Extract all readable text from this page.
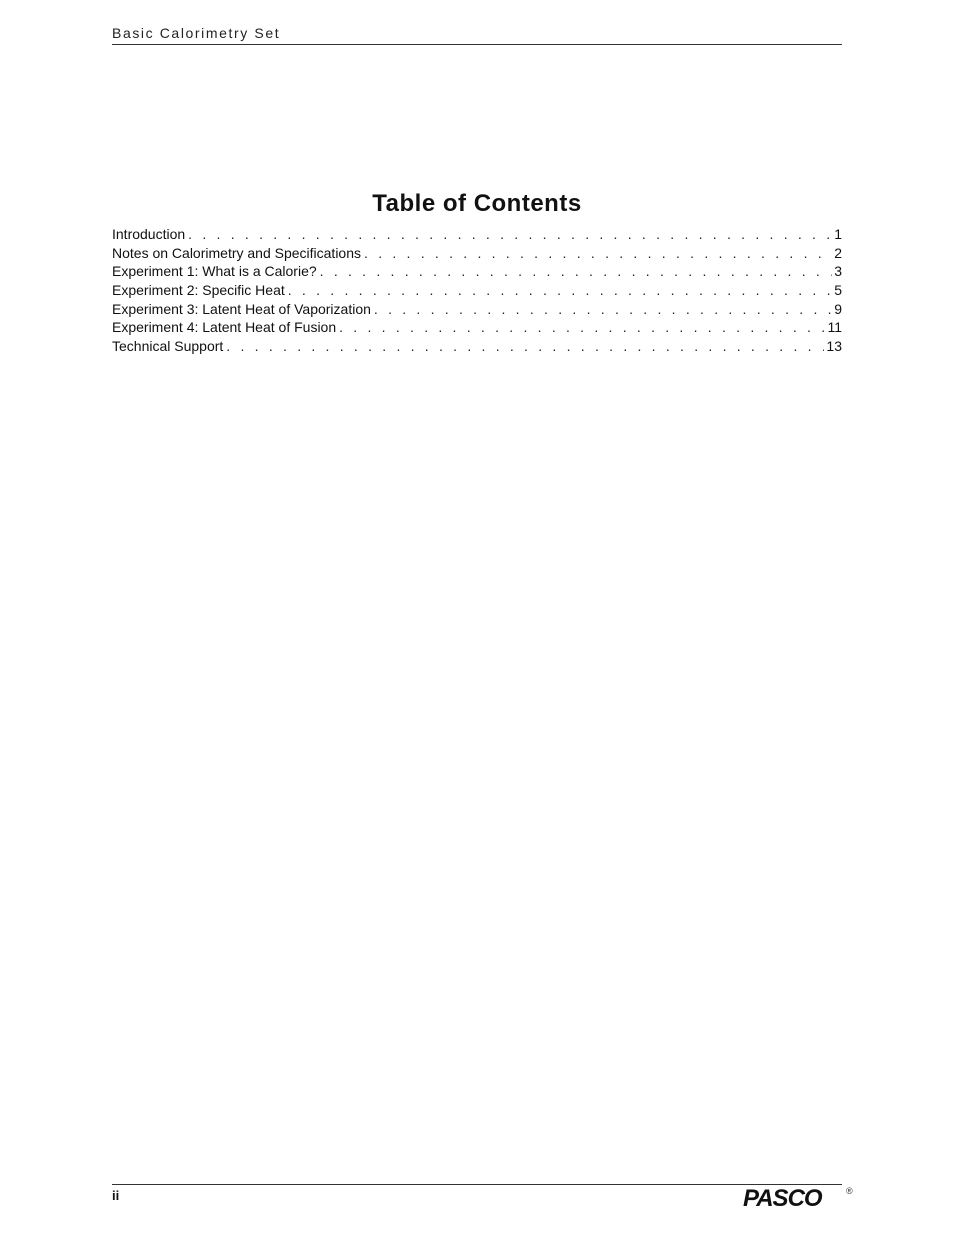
Basic Calorimetry Set
Table of Contents
Introduction . . .	1
Notes on Calorimetry and Specifications . . .	2
Experiment 1: What is a Calorie? . . .	3
Experiment 2: Specific Heat . . .	5
Experiment 3: Latent Heat of Vaporization . . .	9
Experiment 4: Latent Heat of Fusion . . .	11
Technical Support . . .	13
ii	PASCO	®
